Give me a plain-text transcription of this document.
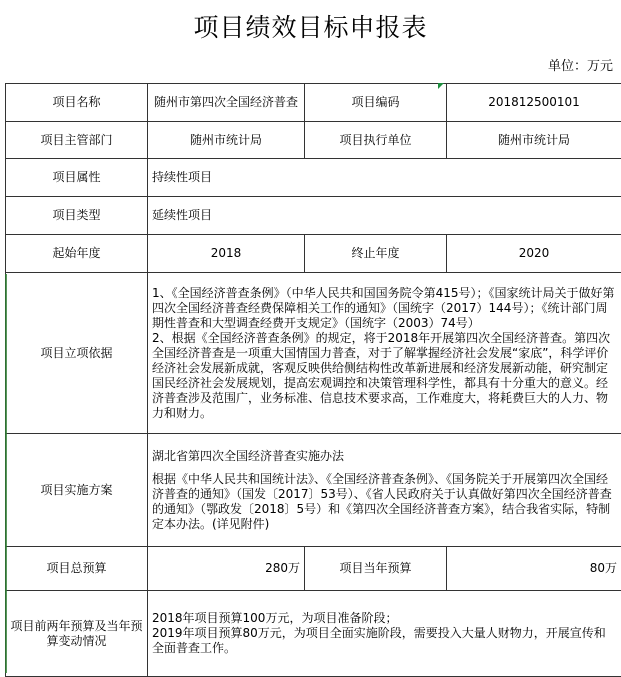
项目绩效目标申报表
单位：万元
项目名称	随州市第四次全国经济普查	项目编码	201812500101
项目主管部门	随州市统计局	项目执行单位	随州市统计局
项目属性	持续性项目		
项目类型	延续性项目		
起始年度	2018	终止年度	2020
项目立项依据	1、《全国经济普查条例》（中华人民共和国国务院令第415号）；《国家统计局关于做好第四次全国经济普查经费保障相关工作的通知》（国统字（2017）144号）；《统计部门周期性普查和大型调查经费开支规定》（国统字（2003）74号）

2、根据《全国经济普查条例》的规定，将于2018年开展第四次全国经济普查。第四次全国经济普查是一项重大国情国力普查，对于了解掌握经济社会发展“家底”，科学评价经济社会发展新成就，客观反映供给侧结构性改革新进展和经济发展新动能，研究制定国民经济社会发展规划，提高宏观调控和决策管理科学性，都具有十分重大的意义。经济普查涉及范围广，业务标准、信息技术要求高，工作难度大，将耗费巨大的人力、物力和财力。		

项目实施方案	湖北省第四次全国经济普查实施办法

根据《中华人民共和国统计法》、《全国经济普查条例》、《国务院关于开展第四次全国经济普查的通知》（国发〔2017〕53号）、《省人民政府关于认真做好第四次全国经济普查的通知》（鄂政发〔2018〕5号）和《第四次全国经济普查方案》，结合我省实际，特制定本办法。(详见附件)		

项目总预算	280万	项目当年预算	80万
项目前两年预算及当年预算变动情况	2018年项目预算100万元，为项目准备阶段；

2019年项目预算80万元，为项目全面实施阶段，需要投入大量人财物力，开展宣传和全面普查工作。		
